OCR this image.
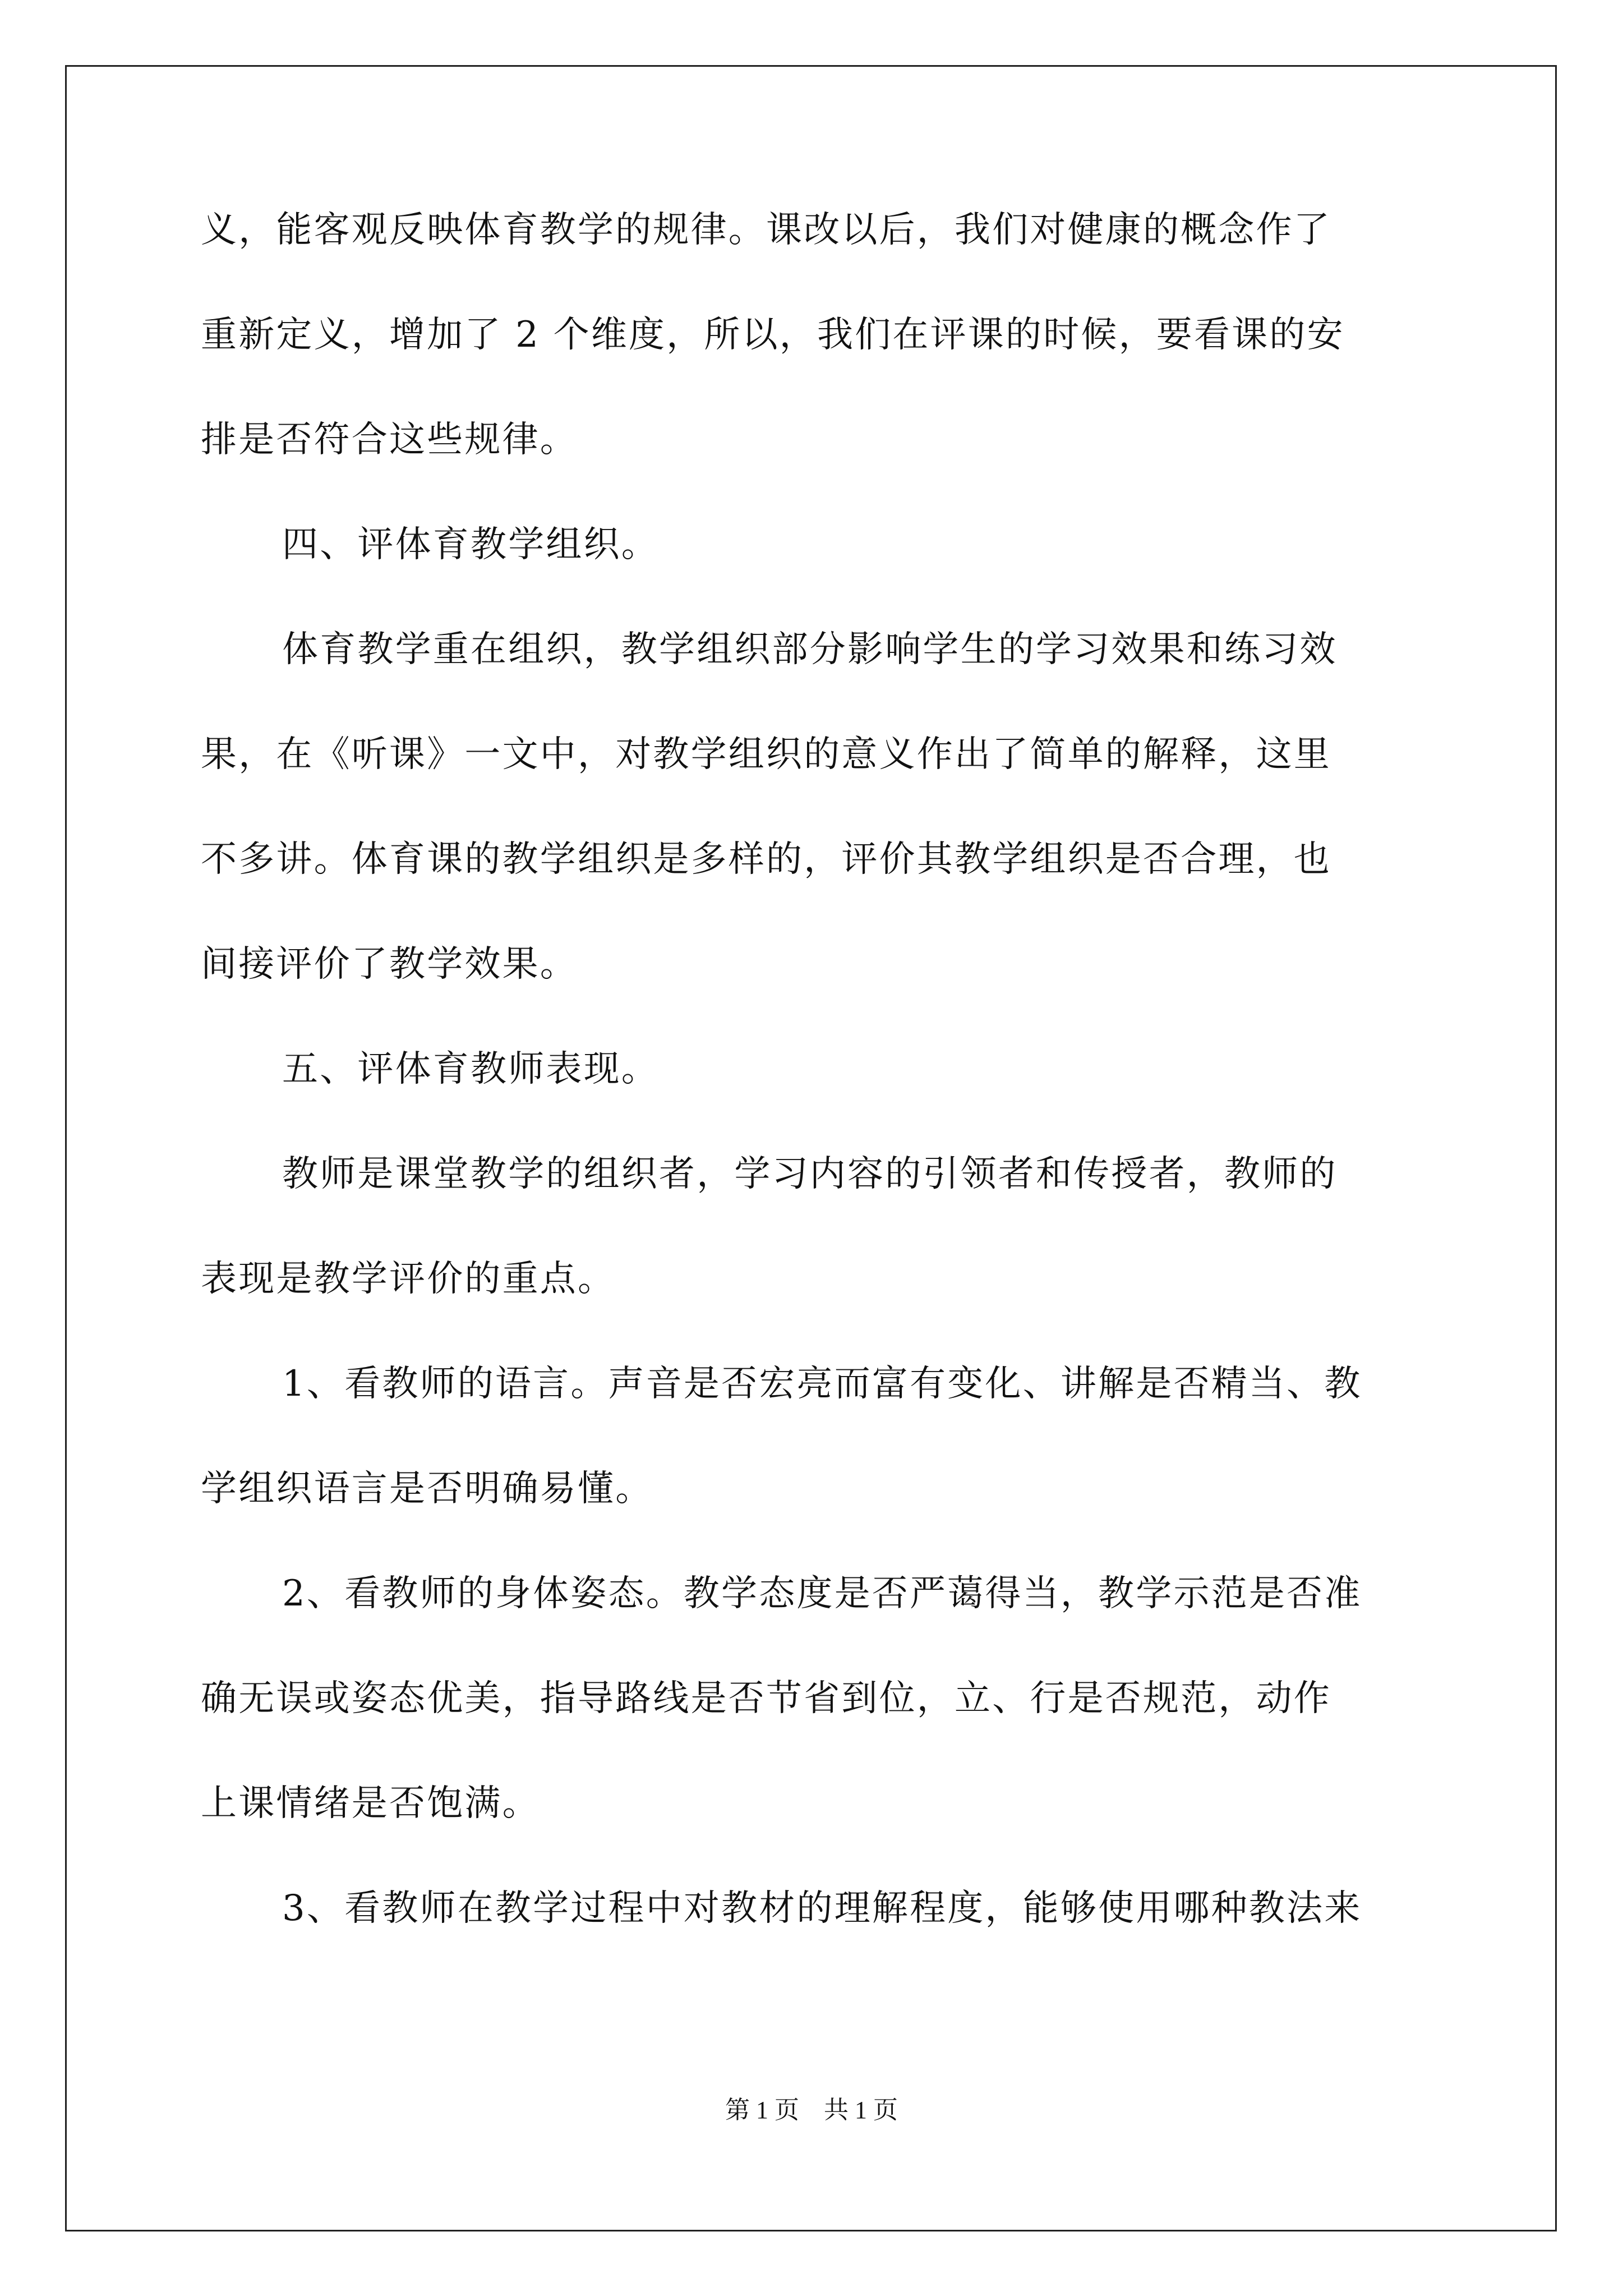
义，能客观反映体育教学的规律。课改以后，我们对健康的概念作了
重新定义，增加了 2 个维度，所以，我们在评课的时候，要看课的安
排是否符合这些规律。
四、评体育教学组织。
体育教学重在组织，教学组织部分影响学生的学习效果和练习效
果，在《听课》一文中，对教学组织的意义作出了简单的解释，这里
不多讲。体育课的教学组织是多样的，评价其教学组织是否合理，也
间接评价了教学效果。
五、评体育教师表现。
教师是课堂教学的组织者，学习内容的引领者和传授者，教师的
表现是教学评价的重点。
1、看教师的语言。声音是否宏亮而富有变化、讲解是否精当、教
学组织语言是否明确易懂。
2、看教师的身体姿态。教学态度是否严蔼得当，教学示范是否准
确无误或姿态优美，指导路线是否节省到位，立、行是否规范，动作
上课情绪是否饱满。
3、看教师在教学过程中对教材的理解程度，能够使用哪种教法来
第 1 页　共 1 页
